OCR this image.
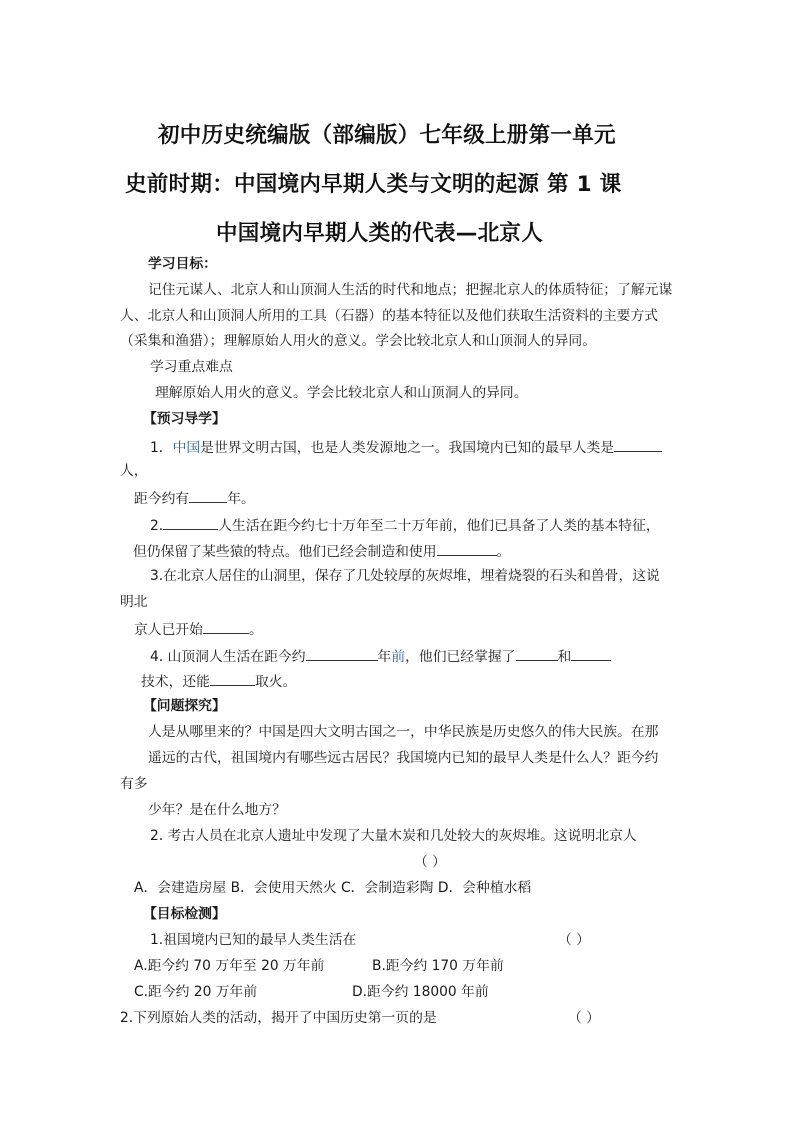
初中历史统编版（部编版）七年级上册第一单元
史前时期：中国境内早期人类与文明的起源 第 1 课
中国境内早期人类的代表—北京人
学习目标：
记住元谋人、北京人和山顶洞人生活的时代和地点；把握北京人的体质特征；了解元谋
人、北京人和山顶洞人所用的工具（石器）的基本特征以及他们获取生活资料的主要方式
（采集和渔猎）；理解原始人用火的意义。学会比较北京人和山顶洞人的异同。
学习重点难点
理解原始人用火的意义。学会比较北京人和山顶洞人的异同。
【预习导学】
1．中国是世界文明古国，也是人类发源地之一。我国境内已知的最早人类是
人，
距今约有	年。
2.	人生活在距今约七十万年至二十万年前，他们已具备了人类的基本特征，
但仍保留了某些猿的特点。他们已经会制造和使用	。
3.在北京人居住的山洞里，保存了几处较厚的灰烬堆，埋着烧裂的石头和兽骨，这说
明北
京人已开始	。
4. 山顶洞人生活在距今约	年前，他们已经掌握了	和
技术，还能	取火。
【问题探究】
人是从哪里来的？中国是四大文明古国之一，中华民族是历史悠久的伟大民族。在那
遥远的古代，祖国境内有哪些远古居民？我国境内已知的最早人类是什么人？距今约
有多
少年？是在什么地方？
2. 考古人员在北京人遗址中发现了大量木炭和几处较大的灰烬堆。这说明北京人
（ ）
A．会建造房屋 B．会使用天然火 C．会制造彩陶 D．会种植水稻
【目标检测】
1.祖国境内已知的最早人类生活在	（ ）
A.距今约 70 万年至 20 万年前	B.距今约 170 万年前
C.距今约 20 万年前	D.距今约 18000 年前
2.下列原始人类的活动，揭开了中国历史第一页的是	（ ）
